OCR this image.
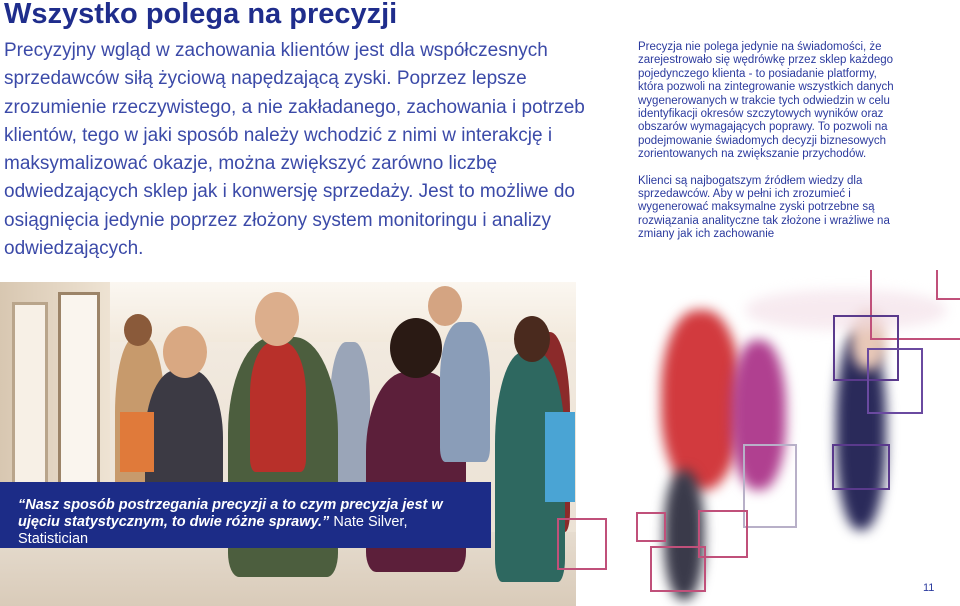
Wszystko polega na precyzji

Precyzyjny wgląd w zachowania klientów jest dla współczesnych sprzedawców siłą życiową napędzającą zyski. Poprzez lepsze zrozumienie rzeczywistego, a nie zakładanego, zachowania i potrzeb klientów, tego w jaki sposób należy wchodzić z nimi w interakcję i maksymalizować okazje, można zwiększyć zarówno liczbę odwiedzających sklep jak i konwersję sprzedaży. Jest to możliwe do osiągnięcia jedynie poprzez złożony system monitoringu i analizy odwiedzających.

Precyzja nie polega jedynie na świadomości, że zarejestrowało się wędrówkę przez sklep każdego pojedynczego klienta - to posiadanie platformy, która pozwoli na zintegrowanie wszystkich danych wygenerowanych w trakcie tych odwiedzin w celu identyfikacji okresów szczytowych wyników oraz obszarów wymagających poprawy. To pozwoli na podejmowanie świadomych decyzji biznesowych zorientowanych na zwiększanie przychodów.

Klienci są najbogatszym źródłem wiedzy dla sprzedawców. Aby w pełni ich zrozumieć i wygenerować maksymalne zyski potrzebne są rozwiązania analityczne tak złożone i wrażliwe na zmiany jak ich zachowanie

“Nasz sposób postrzegania precyzji a to czym precyzja jest w ujęciu statystycznym, to dwie różne sprawy.” Nate Silver, Statistician
11
